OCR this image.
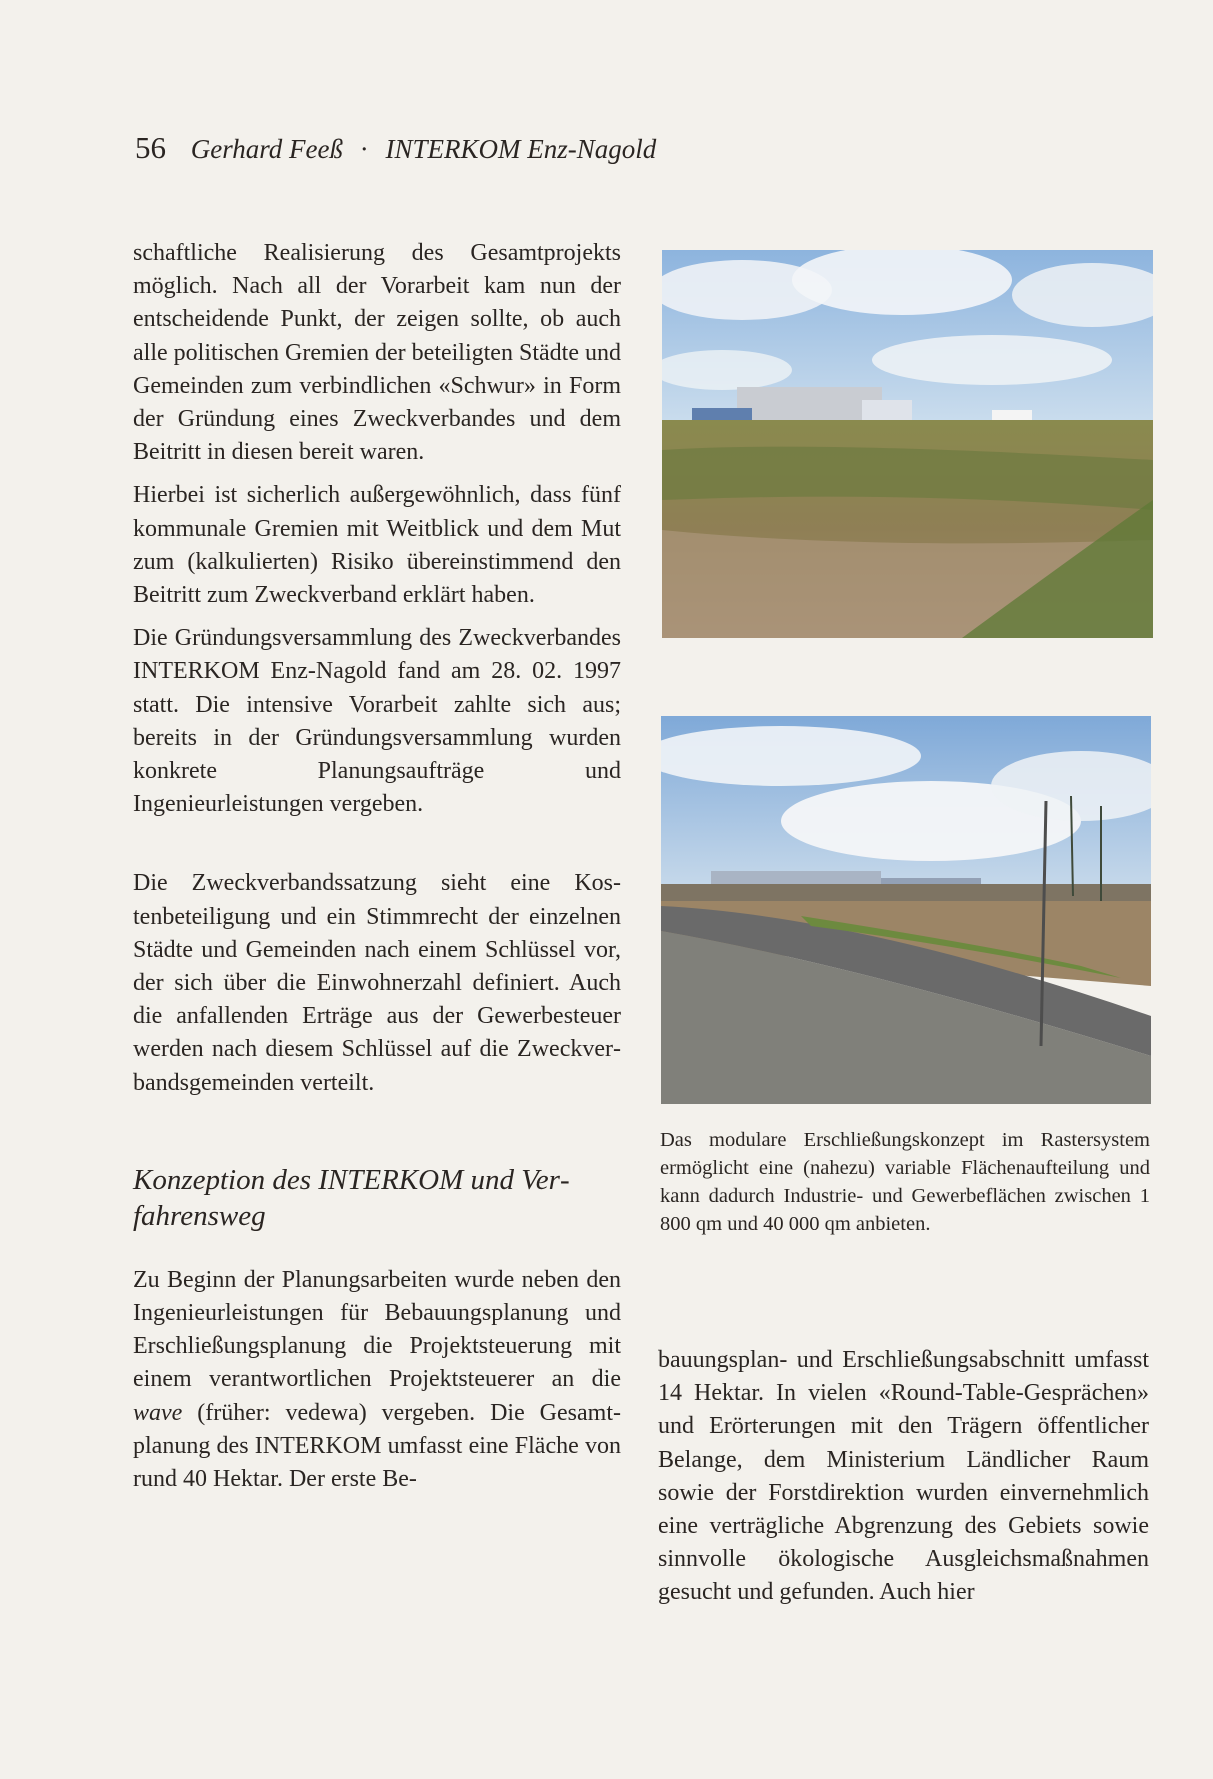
56 Gerhard Feeß · INTERKOM Enz-Nagold

schaftliche Realisierung des Gesamtprojekts möglich. Nach all der Vorarbeit kam nun der entscheidende Punkt, der zeigen sollte, ob auch alle politischen Gremien der beteiligten Städte und Gemeinden zum verbindlichen «Schwur» in Form der Gründung eines Zweckverbandes und dem Beitritt in diesen bereit waren.

Hierbei ist sicherlich außergewöhnlich, dass fünf kommunale Gremien mit Weitblick und dem Mut zum (kalkulierten) Risiko übereinstimmend den Beitritt zum Zweckverband erklärt haben.

Die Gründungsversammlung des Zweckverbandes INTERKOM Enz-Nagold fand am 28. 02. 1997 statt. Die intensive Vorarbeit zahlte sich aus; bereits in der Gründungsversammlung wurden konkrete Planungsaufträge und Ingenieurleistungen vergeben.

Die Zweckverbandssatzung sieht eine Kostenbeteiligung und ein Stimmrecht der einzelnen Städte und Gemeinden nach einem Schlüssel vor, der sich über die Einwohnerzahl definiert. Auch die anfallenden Erträge aus der Gewerbesteuer werden nach diesem Schlüssel auf die Zweckverbandsgemeinden verteilt.

Konzeption des INTERKOM und Verfahrensweg

Zu Beginn der Planungsarbeiten wurde neben den Ingenieurleistungen für Bebauungsplanung und Erschließungsplanung die Projektsteuerung mit einem verantwortlichen Projektsteuerer an die wave (früher: vedewa) vergeben. Die Gesamtplanung des INTERKOM umfasst eine Fläche von rund 40 Hektar. Der erste Be-

Das modulare Erschließungskonzept im Rastersystem ermöglicht eine (nahezu) variable Flächenaufteilung und kann dadurch Industrie- und Gewerbeflächen zwischen 1 800 qm und 40 000 qm anbieten.

bauungsplan- und Erschließungsabschnitt umfasst 14 Hektar. In vielen «Round-Table-Gesprächen» und Erörterungen mit den Trägern öffentlicher Belange, dem Ministerium Ländlicher Raum sowie der Forstdirektion wurden einvernehmlich eine verträgliche Abgrenzung des Gebiets sowie sinnvolle ökologische Ausgleichsmaßnahmen gesucht und gefunden. Auch hier
